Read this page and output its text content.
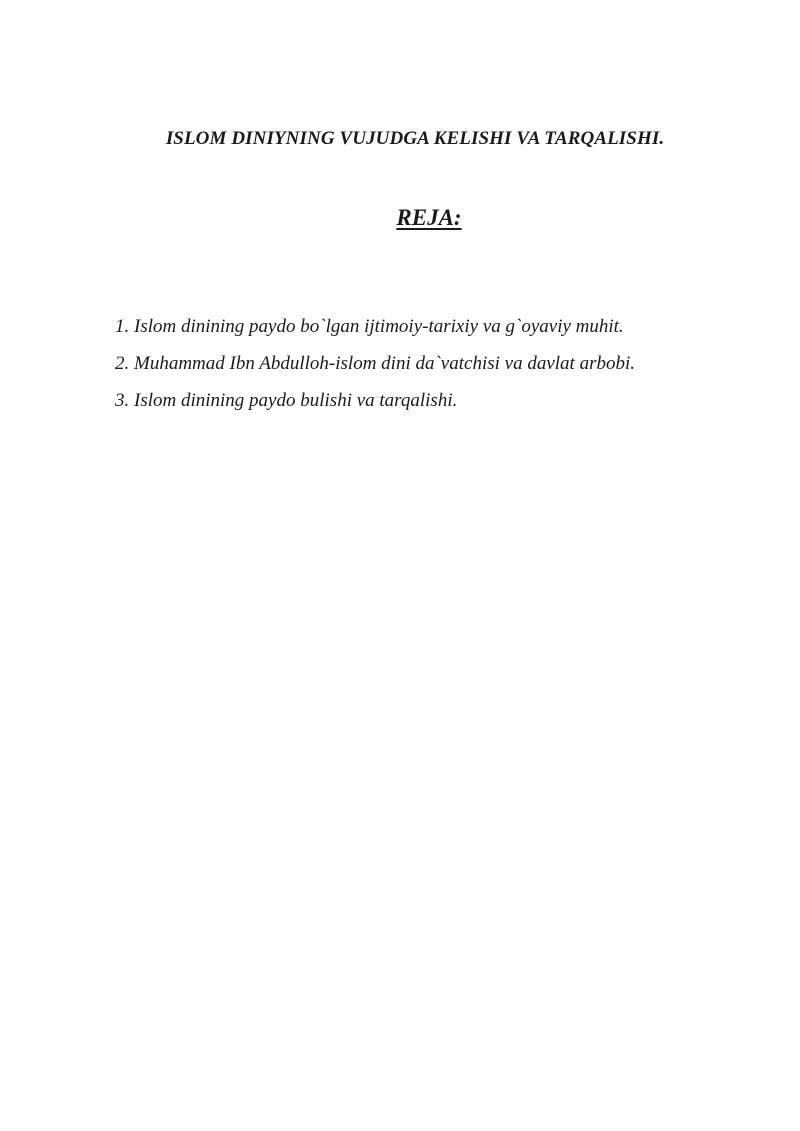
ISLOM DINIYNING VUJUDGA KELISHI VA TARQALISHI.
REJA:
1. Islom dinining paydo bo`lgan ijtimoiy-tarixiy va g`oyaviy muhit.
2. Muhammad Ibn Abdulloh-islom dini da`vatchisi va davlat arbobi.
3. Islom dinining paydo bulishi va tarqalishi.
